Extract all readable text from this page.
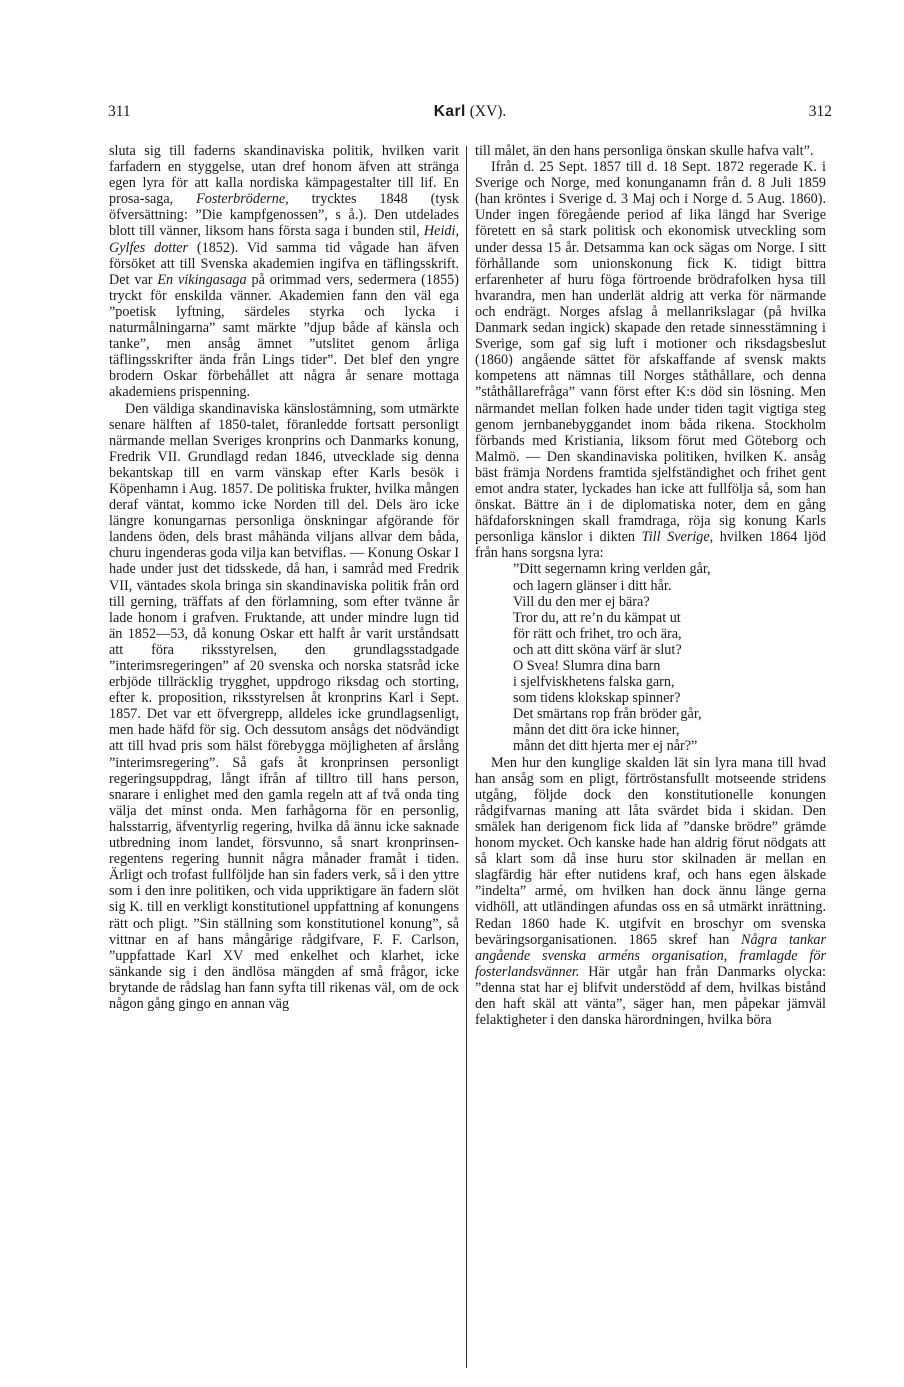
311	Karl (XV).	312

sluta sig till faderns skandinaviska politik, hvilken varit farfadern en styggelse, utan dref honom äfven att stränga egen lyra för att kalla nordiska kämpagestalter till lif. En prosa-saga, Fosterbröderne, trycktes 1848 (tysk öfversättning: ”Die kampfgenossen”, s å.). Den utdelades blott till vänner, liksom hans första saga i bunden stil, Heidi, Gylfes dotter (1852). Vid samma tid vågade han äfven försöket att till Svenska akademien ingifva en täflingsskrift. Det var En vikingasaga på orimmad vers, sedermera (1855) tryckt för enskilda vänner. Akademien fann den väl ega ”poetisk lyftning, särdeles styrka och lycka i naturmålningarna” samt märkte ”djup både af känsla och tanke”, men ansåg ämnet ”utslitet genom årliga täflingsskrifter ända från Lings tider”. Det blef den yngre brodern Oskar förbehållet att några år senare mottaga akademiens prispenning.

Den väldiga skandinaviska känslostämning, som utmärkte senare hälften af 1850-talet, föranledde fortsatt personligt närmande mellan Sveriges kronprins och Danmarks konung, Fredrik VII. Grundlagd redan 1846, utvecklade sig denna bekantskap till en varm vänskap efter Karls besök i Köpenhamn i Aug. 1857. De politiska frukter, hvilka mången deraf väntat, kommo icke Norden till del. Dels äro icke längre konungarnas personliga önskningar afgörande för landens öden, dels brast måhända viljans allvar dem båda, churu ingenderas goda vilja kan betviflas. — Konung Oskar I hade under just det tidsskede, då han, i samråd med Fredrik VII, väntades skola bringa sin skandinaviska politik från ord till gerning, träffats af den förlamning, som efter tvänne år lade honom i grafven. Fruktande, att under mindre lugn tid än 1852—53, då konung Oskar ett halft år varit urståndsatt att föra riksstyrelsen, den grundlagsstadgade ”interimsregeringen” af 20 svenska och norska statsråd icke erbjöde tillräcklig trygghet, uppdrogo riksdag och storting, efter k. proposition, riksstyrelsen åt kronprins Karl i Sept. 1857. Det var ett öfvergrepp, alldeles icke grundlagsenligt, men hade häfd för sig. Och dessutom ansågs det nödvändigt att till hvad pris som hälst förebygga möjligheten af årslång ”interimsregering”. Så gafs åt kronprinsen personligt regeringsuppdrag, långt ifrån af tilltro till hans person, snarare i enlighet med den gamla regeln att af två onda ting välja det minst onda. Men farhågorna för en personlig, halsstarrig, äfventyrlig regering, hvilka då ännu icke saknade utbredning inom landet, försvunno, så snart kronprinsen-regentens regering hunnit några månader framåt i tiden. Ärligt och trofast fullföljde han sin faders verk, så i den yttre som i den inre politiken, och vida uppriktigare än fadern slöt sig K. till en verkligt konstitutionel uppfattning af konungens rätt och pligt. ”Sin ställning som konstitutionel konung”, så vittnar en af hans mångårige rådgifvare, F. F. Carlson, ”uppfattade Karl XV med enkelhet och klarhet, icke sänkande sig i den ändlösa mängden af små frågor, icke brytande de rådslag han fann syfta till rikenas väl, om de ock någon gång gingo en annan väg

till målet, än den hans personliga önskan skulle hafva valt”.

Ifrån d. 25 Sept. 1857 till d. 18 Sept. 1872 regerade K. i Sverige och Norge, med konunganamn från d. 8 Juli 1859 (han kröntes i Sverige d. 3 Maj och i Norge d. 5 Aug. 1860). Under ingen föregående period af lika längd har Sverige företett en så stark politisk och ekonomisk utveckling som under dessa 15 år. Detsamma kan ock sägas om Norge. I sitt förhållande som unionskonung fick K. tidigt bittra erfarenheter af huru föga förtroende brödrafolken hysa till hvarandra, men han underlät aldrig att verka för närmande och endrägt. Norges afslag å mellanrikslagar (på hvilka Danmark sedan ingick) skapade den retade sinnesstämning i Sverige, som gaf sig luft i motioner och riksdagsbeslut (1860) angående sättet för afskaffande af svensk makts kompetens att nämnas till Norges ståthållare, och denna ”ståthållarefråga” vann först efter K:s död sin lösning. Men närmandet mellan folken hade under tiden tagit vigtiga steg genom jernbanebyggandet inom båda rikena. Stockholm förbands med Kristiania, liksom förut med Göteborg och Malmö. — Den skandinaviska politiken, hvilken K. ansåg bäst främja Nordens framtida sjelfständighet och frihet gent emot andra stater, lyckades han icke att fullfölja så, som han önskat. Bättre än i de diplomatiska noter, dem en gång häfdaforskningen skall framdraga, röja sig konung Karls personliga känslor i dikten Till Sverige, hvilken 1864 ljöd från hans sorgsna lyra:

”Ditt segernamn kring verlden går,
och lagern glänser i ditt hår.
Vill du den mer ej bära?
Tror du, att re’n du kämpat ut
för rätt och frihet, tro och ära,
och att ditt sköna värf är slut?
O Svea! Slumra dina barn
i sjelfviskhetens falska garn,
som tidens klokskap spinner?
Det smärtans rop från bröder går,
månn det ditt öra icke hinner,
månn det ditt hjerta mer ej når?”

Men hur den kunglige skalden lät sin lyra mana till hvad han ansåg som en pligt, förtröstansfullt motseende stridens utgång, följde dock den konstitutionelle konungen rådgifvarnas maning att låta svärdet bida i skidan. Den smälek han derigenom fick lida af ”danske brödre” grämde honom mycket. Och kanske hade han aldrig förut nödgats att så klart som då inse huru stor skilnaden är mellan en slagfärdig här efter nutidens kraf, och hans egen älskade ”indelta” armé, om hvilken han dock ännu länge gerna vidhöll, att utländingen afundas oss en så utmärkt inrättning. Redan 1860 hade K. utgifvit en broschyr om svenska beväringsorganisationen. 1865 skref han Några tankar angående svenska arméns organisation, framlagde för fosterlandsvänner. Här utgår han från Danmarks olycka: ”denna stat har ej blifvit understödd af dem, hvilkas bistånd den haft skäl att vänta”, säger han, men påpekar jämväl felaktigheter i den danska härordningen, hvilka böra
